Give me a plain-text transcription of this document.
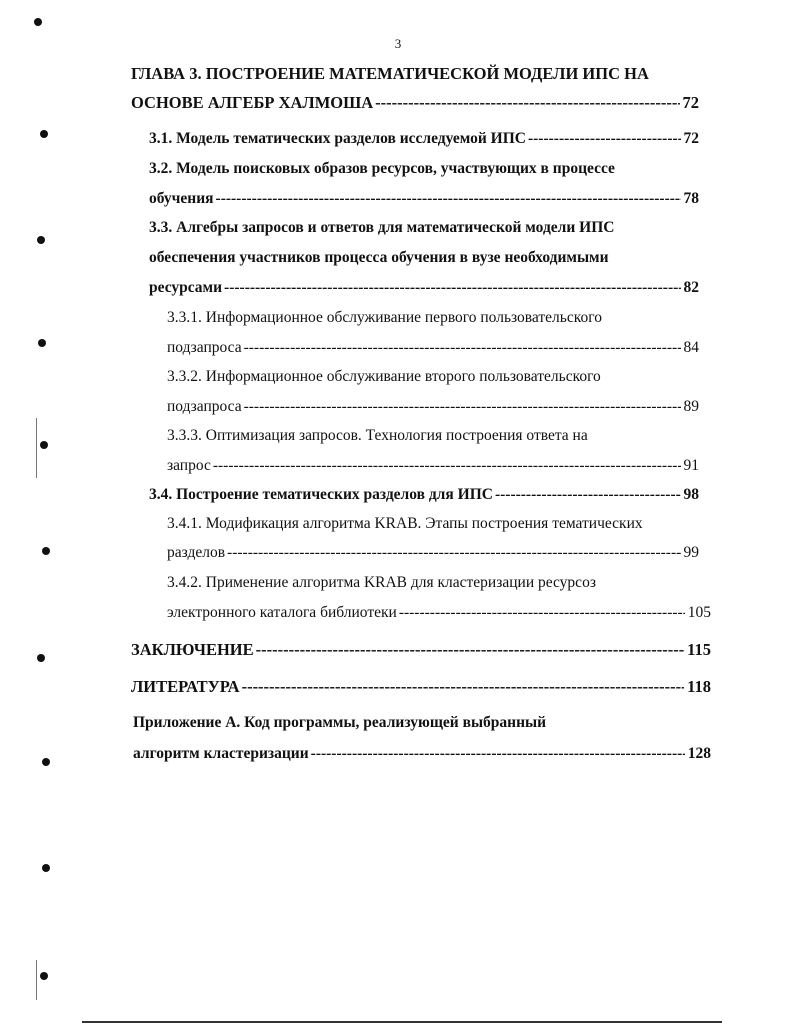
3
ГЛАВА 3. ПОСТРОЕНИЕ МАТЕМАТИЧЕСКОЙ МОДЕЛИ ИПС НА
ОСНОВЕ АЛГЕБР ХАЛМОША -----	72
3.1. Модель тематических разделов исследуемой ИПС -----	72
3.2. Модель поисковых образов ресурсов, участвующих в процессе
обучения -----	78
3.3. Алгебры запросов и ответов для математической модели ИПС
обеспечения участников процесса обучения в вузе необходимыми
ресурсами -----	82
3.3.1. Информационное обслуживание первого пользовательского
подзапроса -----	84
3.3.2. Информационное обслуживание второго пользовательского
подзапроса -----	89
3.3.3. Оптимизация запросов. Технология построения ответа на
запрос -----	91
3.4. Построение тематических разделов для ИПС -----	98
3.4.1. Модификация алгоритма KRAB. Этапы построения тематических
разделов -----	99
3.4.2. Применение алгоритма KRAB для кластеризации ресурсоз
электронного каталога библиотеки -----	105
ЗАКЛЮЧЕНИЕ -----	115
ЛИТЕРАТУРА -----	118
Приложение А. Код программы, реализующей выбранный
алгоритм кластеризации -----	128
